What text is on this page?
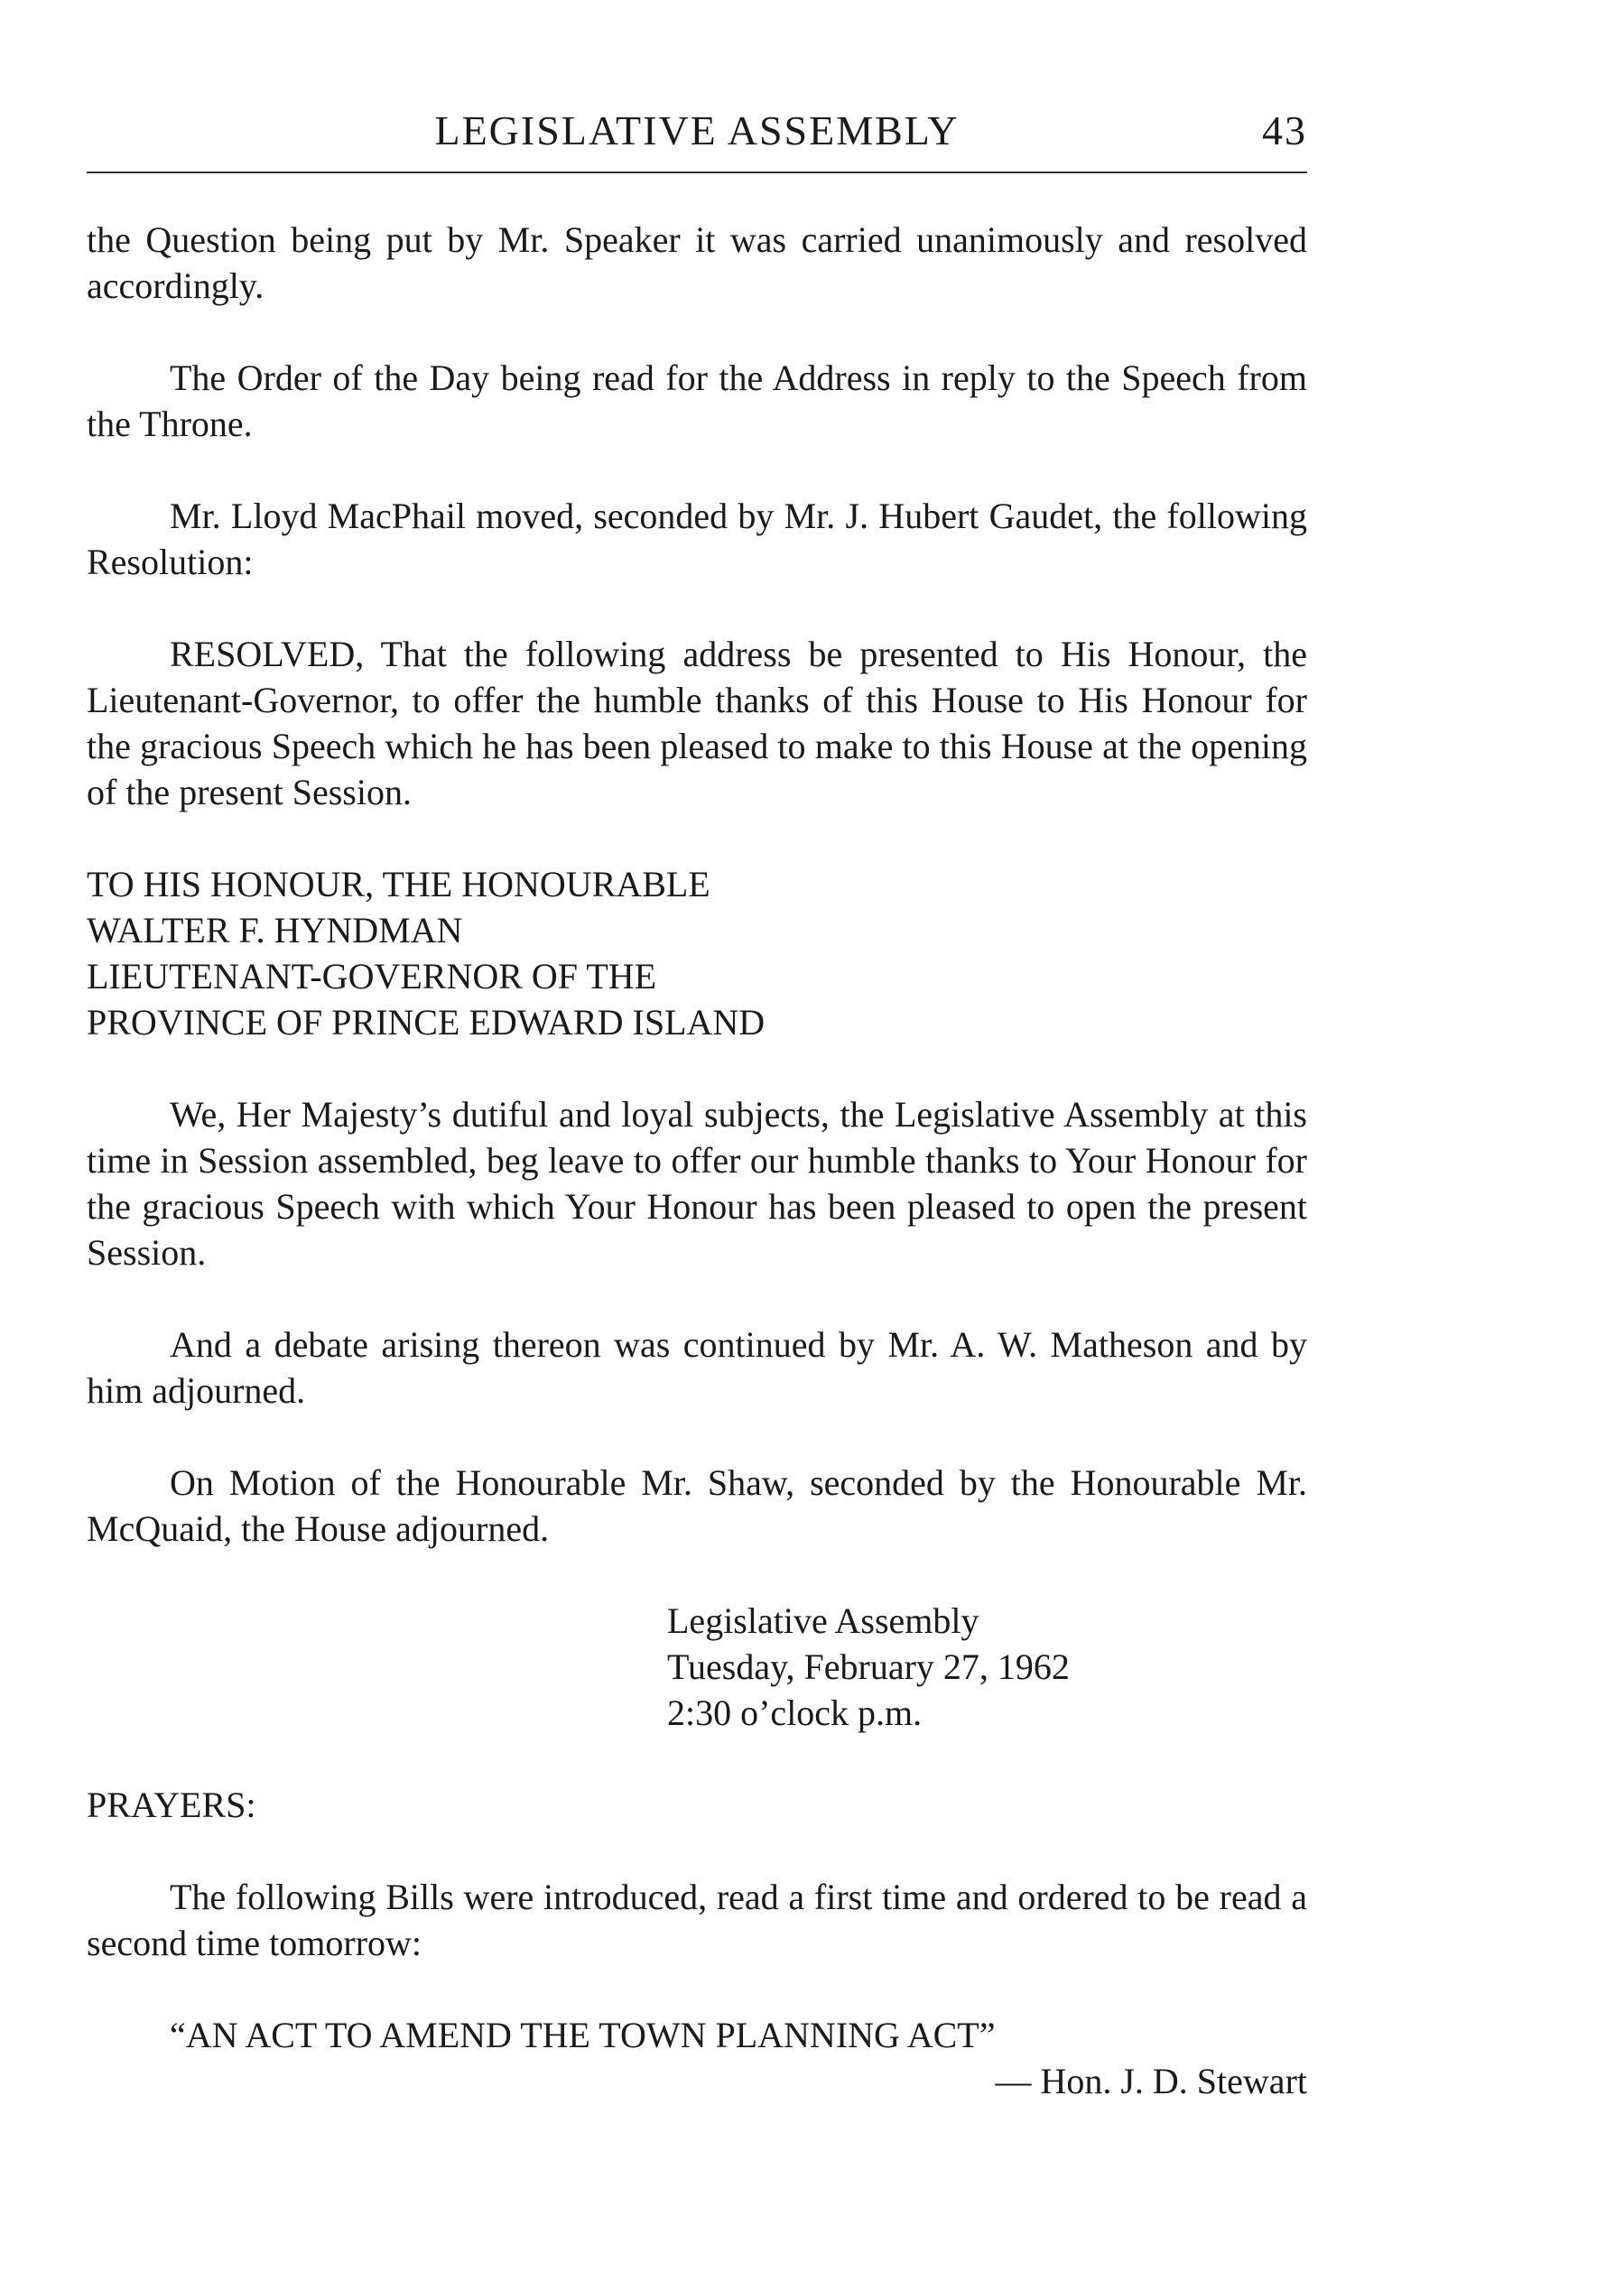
LEGISLATIVE ASSEMBLY	43

the Question being put by Mr. Speaker it was carried unanimously and resolved accordingly.

The Order of the Day being read for the Address in reply to the Speech from the Throne.

Mr. Lloyd MacPhail moved, seconded by Mr. J. Hubert Gaudet, the following Resolution:

RESOLVED, That the following address be presented to His Honour, the Lieutenant-Governor, to offer the humble thanks of this House to His Honour for the gracious Speech which he has been pleased to make to this House at the opening of the present Session.

TO HIS HONOUR, THE HONOURABLE
WALTER F. HYNDMAN
LIEUTENANT-GOVERNOR OF THE
PROVINCE OF PRINCE EDWARD ISLAND

We, Her Majesty’s dutiful and loyal subjects, the Legislative Assembly at this time in Session assembled, beg leave to offer our humble thanks to Your Honour for the gracious Speech with which Your Honour has been pleased to open the present Session.

And a debate arising thereon was continued by Mr. A. W. Matheson and by him adjourned.

On Motion of the Honourable Mr. Shaw, seconded by the Honourable Mr. McQuaid, the House adjourned.

Legislative Assembly
Tuesday, February 27, 1962
2:30 o’clock p.m.

PRAYERS:

The following Bills were introduced, read a first time and ordered to be read a second time tomorrow:

“AN ACT TO AMEND THE TOWN PLANNING ACT”

— Hon. J. D. Stewart
